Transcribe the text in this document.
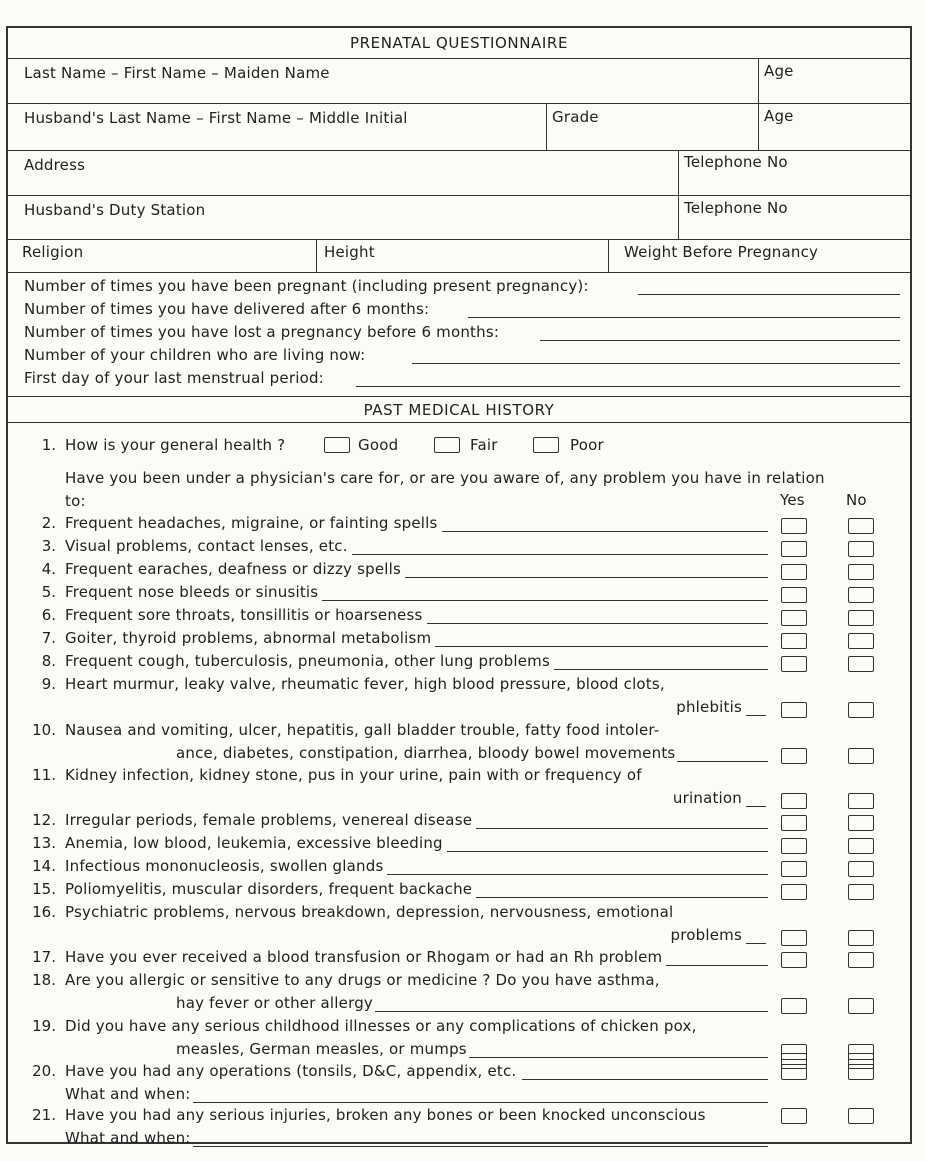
PRENATAL QUESTIONNAIRE
Last Name – First Name – Maiden Name	Age
Husband's Last Name – First Name – Middle Initial	Grade	Age
Address	Telephone No
Husband's Duty Station	Telephone No
Religion	Height	Weight Before Pregnancy
Number of times you have been pregnant (including present pregnancy):
Number of times you have delivered after 6 months:
Number of times you have lost a pregnancy before 6 months:
Number of your children who are living now:
First day of your last menstrual period:
PAST MEDICAL HISTORY
1. How is your general health ?	Good	Fair	Poor
Have you been under a physician's care for, or are you aware of, any problem you have in relation
to:	Yes	No
2. Frequent headaches, migraine, or fainting spells
3. Visual problems, contact lenses, etc.
4. Frequent earaches, deafness or dizzy spells
5. Frequent nose bleeds or sinusitis
6. Frequent sore throats, tonsillitis or hoarseness
7. Goiter, thyroid problems, abnormal metabolism
8. Frequent cough, tuberculosis, pneumonia, other lung problems
9. Heart murmur, leaky valve, rheumatic fever, high blood pressure, blood clots,
phlebitis
10. Nausea and vomiting, ulcer, hepatitis, gall bladder trouble, fatty food intoler-
ance, diabetes, constipation, diarrhea, bloody bowel movements
11. Kidney infection, kidney stone, pus in your urine, pain with or frequency of
urination
12. Irregular periods, female problems, venereal disease
13. Anemia, low blood, leukemia, excessive bleeding
14. Infectious mononucleosis, swollen glands
15. Poliomyelitis, muscular disorders, frequent backache
16. Psychiatric problems, nervous breakdown, depression, nervousness, emotional
problems
17. Have you ever received a blood transfusion or Rhogam or had an Rh problem
18. Are you allergic or sensitive to any drugs or medicine ? Do you have asthma,
hay fever or other allergy
19. Did you have any serious childhood illnesses or any complications of chicken pox,
measles, German measles, or mumps
20. Have you had any operations (tonsils, D&C, appendix, etc.
What and when:
21. Have you had any serious injuries, broken any bones or been knocked unconscious
What and when:
